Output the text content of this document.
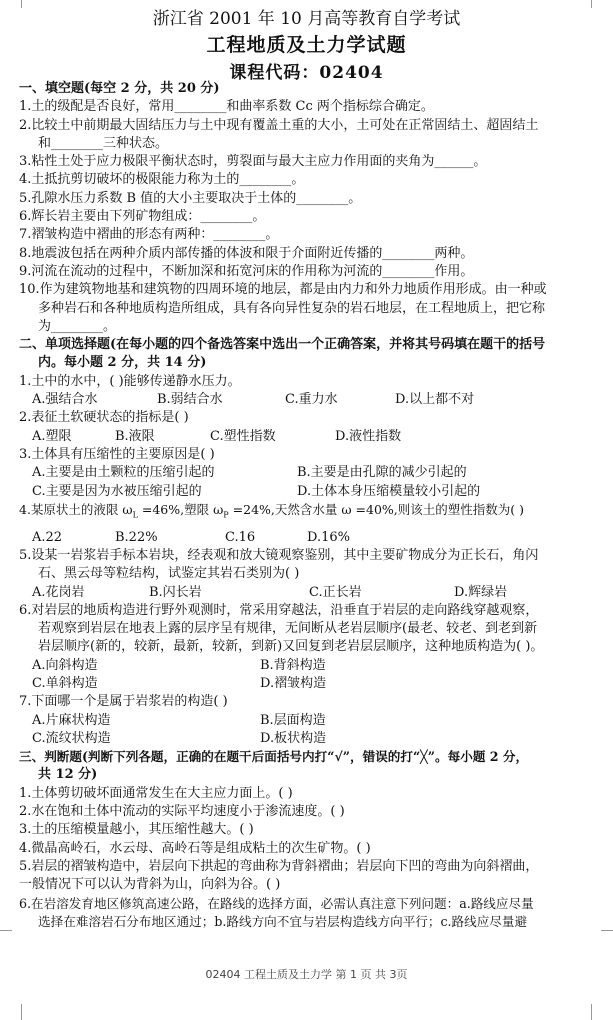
浙江省 2001 年 10 月高等教育自学考试
工程地质及土力学试题
课程代码：02404
一、填空题(每空 2 分，共 20 分)
1.土的级配是否良好，常用________和曲率系数 Cc 两个指标综合确定。
2.比较土中前期最大固结压力与土中现有覆盖土重的大小，土可处在正常固结土、超固结土
和________三种状态。
3.粘性土处于应力极限平衡状态时，剪裂面与最大主应力作用面的夹角为______。
4.土抵抗剪切破坏的极限能力称为土的________。
5.孔隙水压力系数 B 值的大小主要取决于土体的________。
6.辉长岩主要由下列矿物组成：________。
7.褶皱构造中褶曲的形态有两种：________。
8.地震波包括在两种介质内部传播的体波和限于介面附近传播的________两种。
9.河流在流动的过程中，不断加深和拓宽河床的作用称为河流的________作用。
10.作为建筑物地基和建筑物的四周环境的地层，都是由内力和外力地质作用形成。由一种或
多种岩石和各种地质构造所组成，具有各向异性复杂的岩石地层，在工程地质上，把它称
为________。
二、单项选择题(在每小题的四个备选答案中选出一个正确答案，并将其号码填在题干的括号
内。每小题 2 分，共 14 分)
1.土中的水中，( )能够传递静水压力。
A.强结合水	B.弱结合水	C.重力水	D.以上都不对
2.表征土软硬状态的指标是( )
A.塑限	B.液限	C.塑性指数	D.液性指数
3.土体具有压缩性的主要原因是( )
A.主要是由土颗粒的压缩引起的	B.主要是由孔隙的减少引起的
C.主要是因为水被压缩引起的	D.土体本身压缩模量较小引起的
4.某原状土的液限 $\omega_L =46\%$,塑限 $\omega_P =24\%$,天然含水量 ω =40%,则该土的塑性指数为( )
A.22	B.22%	C.16	D.16%
5.设某一岩浆岩手标本岩块，经表观和放大镜观察鉴别，其中主要矿物成分为正长石，角闪
石、黑云母等粒结构，试鉴定其岩石类别为( )
A.花岗岩	B.闪长岩	C.正长岩	D.辉绿岩
6.对岩层的地质构造进行野外观测时，常采用穿越法，沿垂直于岩层的走向路线穿越观察，
若观察到岩层在地表上露的层序呈有规律，无间断从老岩层顺序(最老、较老、到老到新
岩层顺序(新的，较新，最新，较新，到新)又回复到老岩层层顺序，这种地质构造为( )。
A.向斜构造	B.背斜构造
C.单斜构造	D.褶皱构造
7.下面哪一个是属于岩浆岩的构造( )
A.片麻状构造	B.层面构造
C.流纹状构造	D.板状构造
三、判断题(判断下列各题，正确的在题干后面括号内打“√”，错误的打“╳”。每小题 2 分，
共 12 分)
1.土体剪切破坏面通常发生在大主应力面上。( )
2.水在饱和土体中流动的实际平均速度小于渗流速度。( )
3.土的压缩模量越小，其压缩性越大。( )
4.微晶高岭石，水云母、高岭石等是组成粘土的次生矿物。( )
5.岩层的褶皱构造中，岩层向下拱起的弯曲称为背斜褶曲；岩层向下凹的弯曲为向斜褶曲，
一般情况下可以认为背斜为山，向斜为谷。( )
6.在岩溶发育地区修筑高速公路，在路线的选择方面，必需认真注意下列问题：a.路线应尽量
选择在难溶岩石分布地区通过；b.路线方向不宜与岩层构造线方向平行；c.路线应尽量避
02404 工程土质及土力学 第 1 页 共 3页
